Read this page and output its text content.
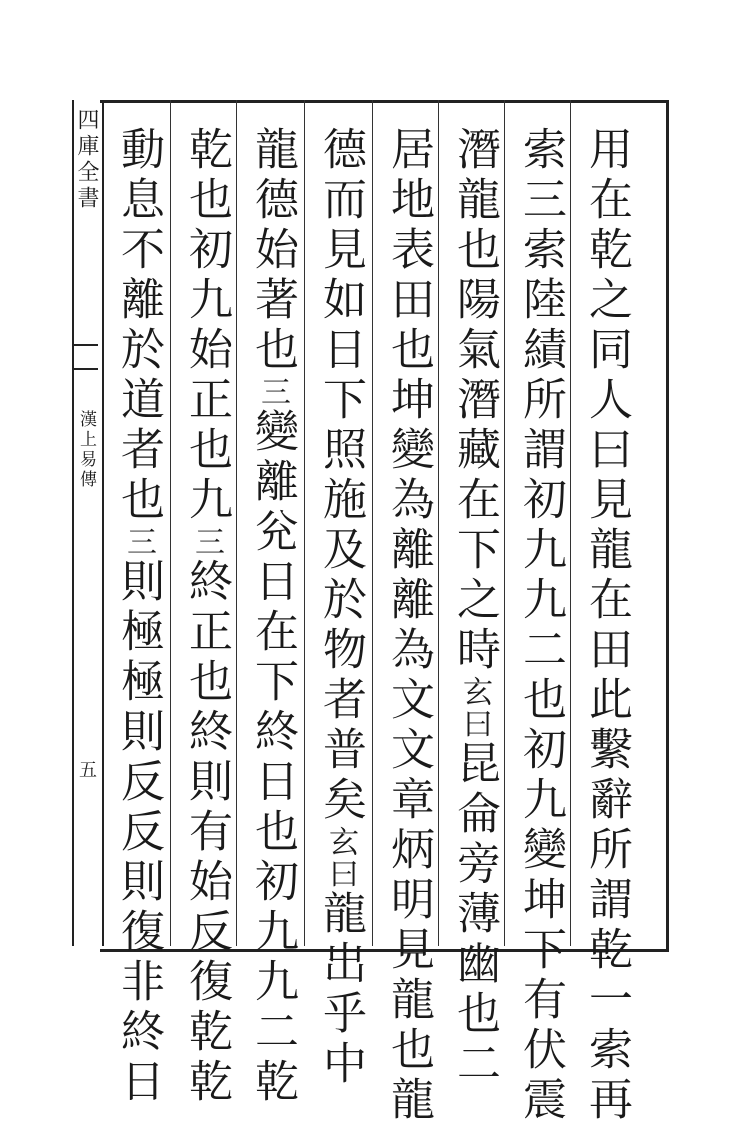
四庫全書
漢上易傳
五	用在乾之同人曰見龍在田此繫辭所謂乾一索再
索三索陸績所謂初九九二也初九變坤下有伏震
潛龍也陽氣潛藏在下之時玄曰昆侖旁薄幽也二
居地表田也坤變為離離為文文章炳明見龍也龍
德而見如日下照施及於物者普矣玄曰龍出乎中
龍德始著也三變離兊日在下終日也初九九二乾
乾也初九始正也九三終正也終則有始反復乾乾
動息不離於道者也三則極極則反反則復非終日
